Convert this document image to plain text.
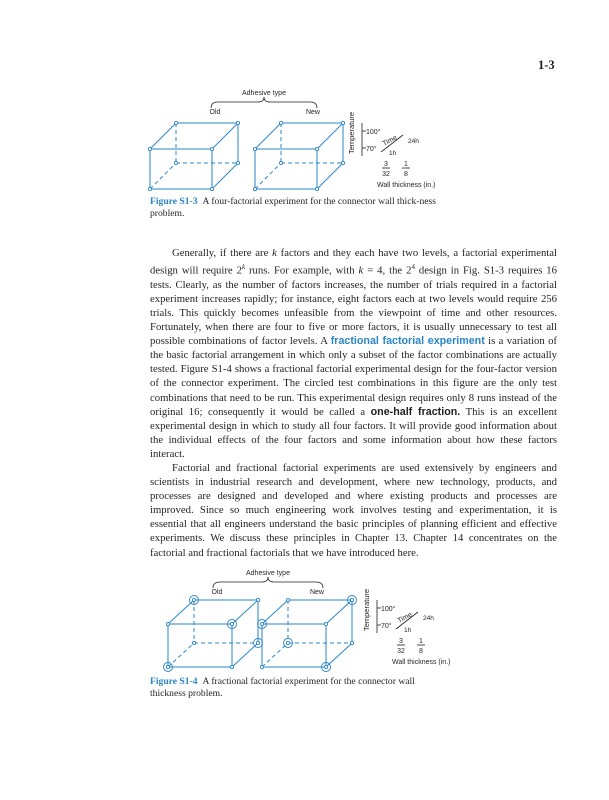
1-3
Adhesive type
Old	New	Temperature 100°
70°
Time 24h
1h
3
32
1
8
Wall thickness (in.)
Figure S1-3 A four-factorial experiment for the connector wall thick-ness problem.

Generally, if there are k factors and they each have two levels, a factorial experimental design will require 2$^k$ runs. For example, with k = 4, the $2^4$ design in Fig. S1-3 requires 16 tests. Clearly, as the number of factors increases, the number of trials required in a factorial experiment increases rapidly; for instance, eight factors each at two levels would require 256 trials. This quickly becomes unfeasible from the viewpoint of time and other resources. Fortunately, when there are four to five or more factors, it is usually unnecessary to test all possible combinations of factor levels. A fractional factorial experiment is a variation of the basic factorial arrangement in which only a subset of the factor combinations are actually tested. Figure S1-4 shows a fractional factorial experimental design for the four-factor version of the connector experiment. The circled test combinations in this figure are the only test combinations that need to be run. This experimental design requires only 8 runs instead of the original 16; consequently it would be called a one-half fraction. This is an excellent experimental design in which to study all four factors. It will provide good information about the individual effects of the four factors and some information about how these factors interact.

Factorial and fractional factorial experiments are used extensively by engineers and scientists in industrial research and development, where new technology, products, and processes are designed and developed and where existing products and processes are improved. Since so much engineering work involves testing and experimentation, it is essential that all engineers understand the basic principles of planning efficient and effective experiments. We discuss these principles in Chapter 13. Chapter 14 concentrates on the factorial and fractional factorials that we have introduced here.

Adhesive type
Old	New	Temperature 100°
70°
Time 24h
1h
3
32
1
8
Wall thickness (in.)
Figure S1-4 A fractional factorial experiment for the connector wall thickness problem.
